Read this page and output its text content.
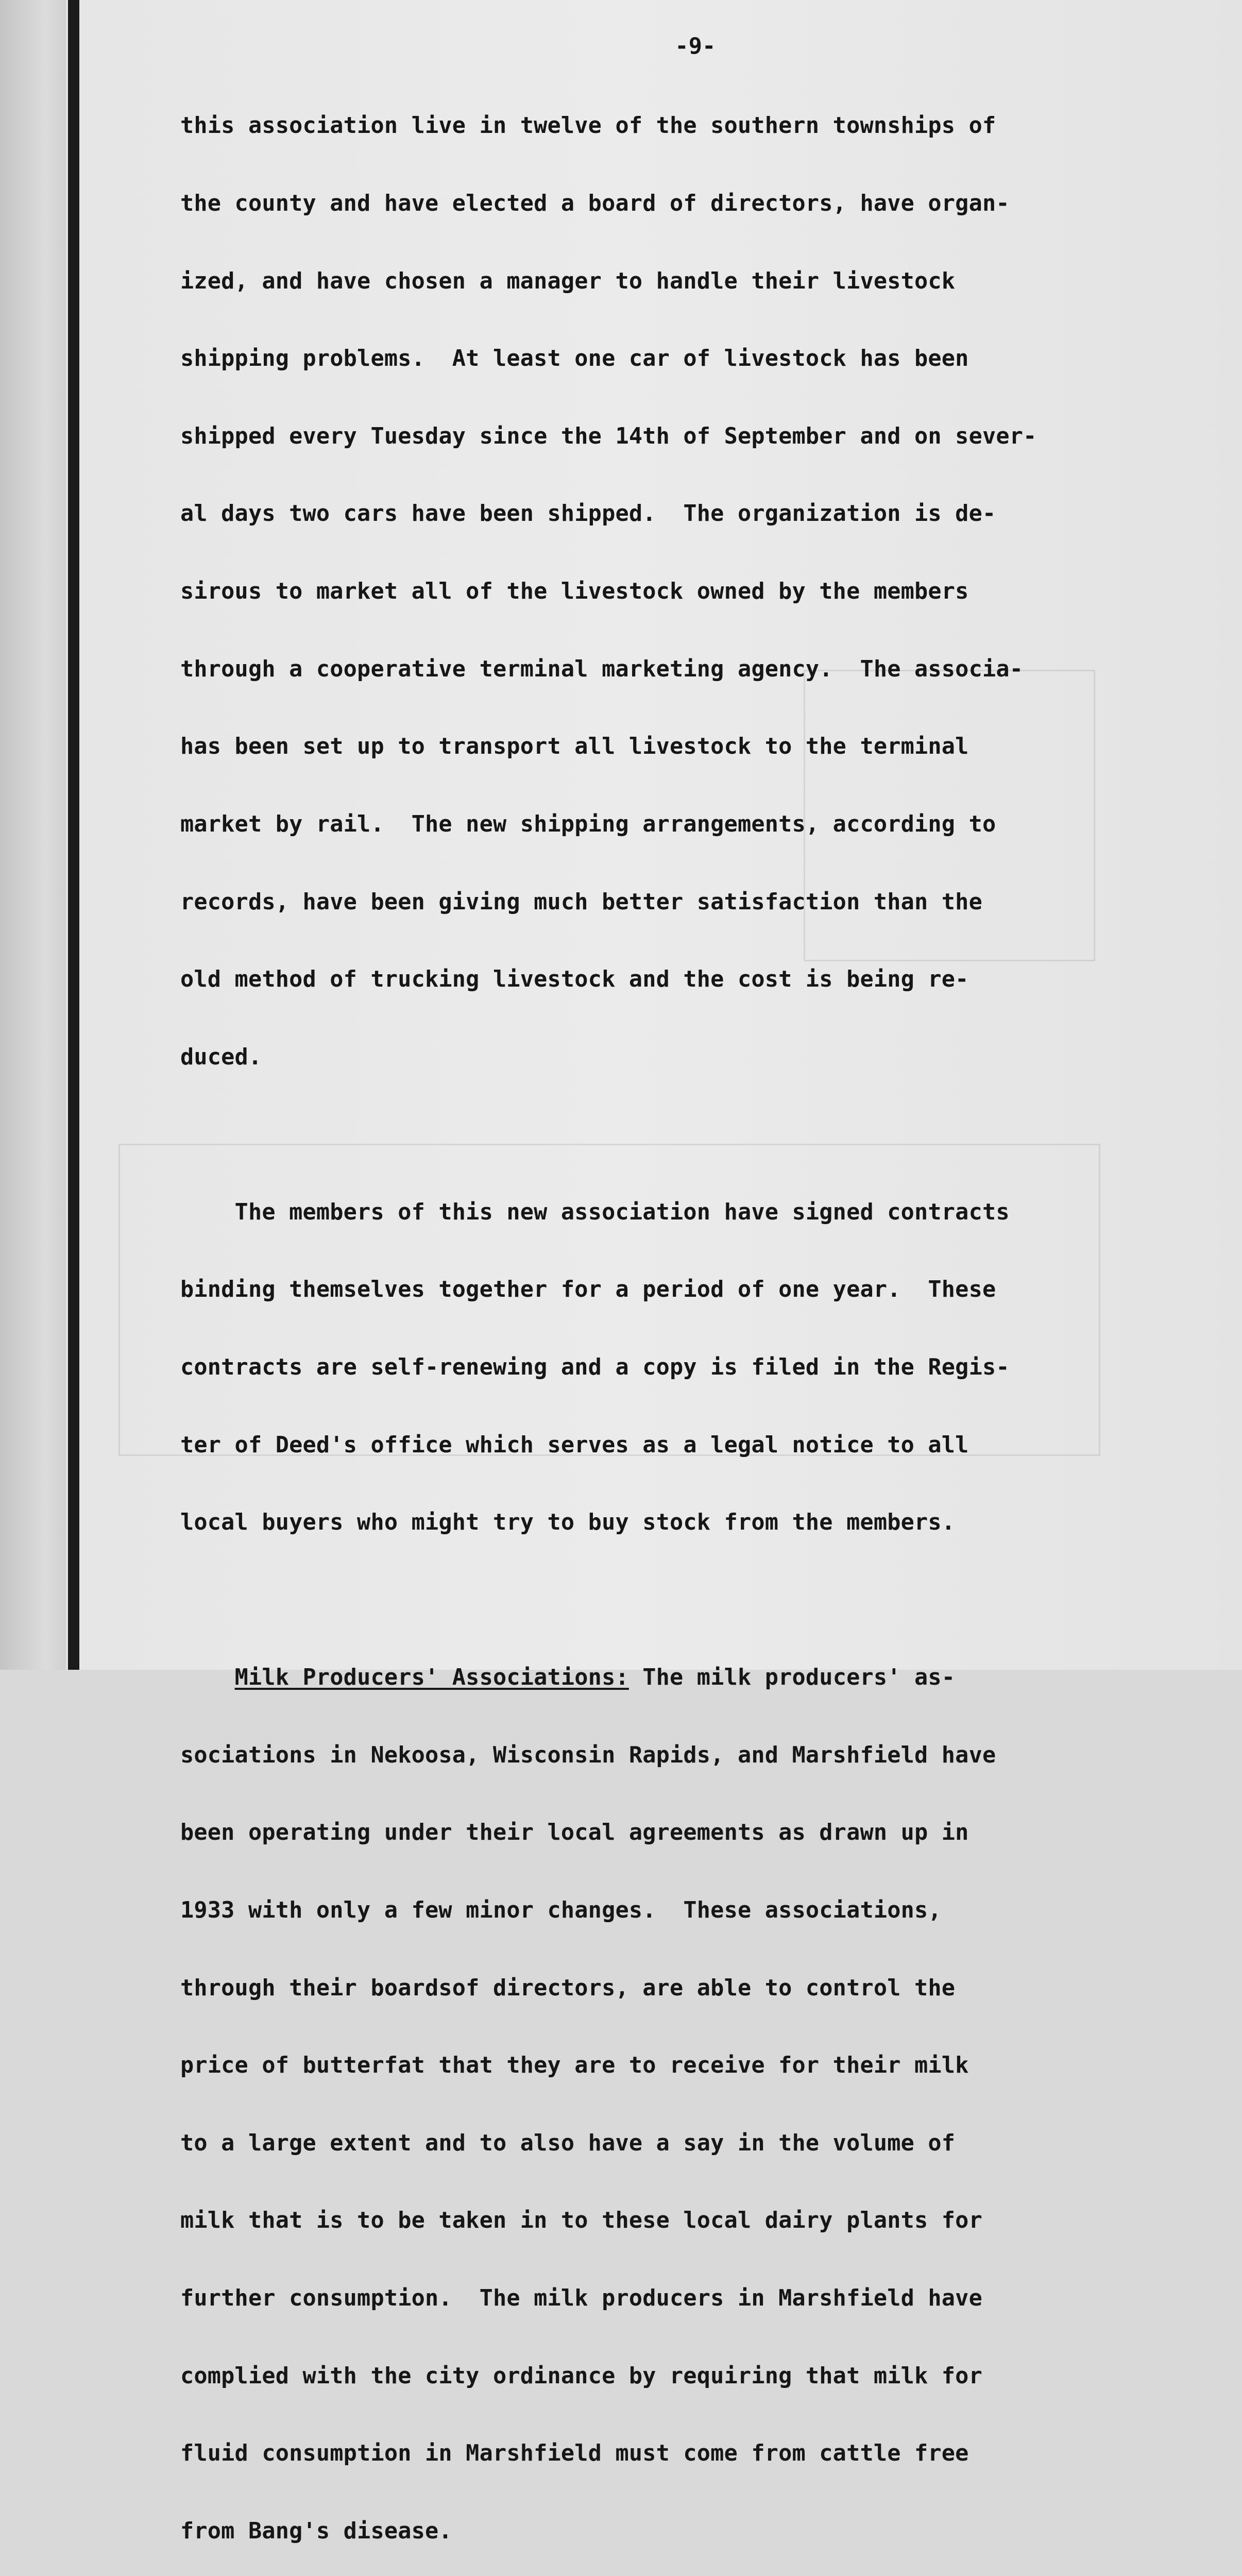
-9-

this association live in twelve of the southern townships of

the county and have elected a board of directors, have organ-

ized, and have chosen a manager to handle their livestock

shipping problems.  At least one car of livestock has been

shipped every Tuesday since the 14th of September and on sever-

al days two cars have been shipped.  The organization is de-

sirous to market all of the livestock owned by the members

through a cooperative terminal marketing agency.  The associa-

has been set up to transport all livestock to the terminal

market by rail.  The new shipping arrangements, according to

records, have been giving much better satisfaction than the

old method of trucking livestock and the cost is being re-

duced.

The members of this new association have signed contracts

binding themselves together for a period of one year.  These

contracts are self-renewing and a copy is filed in the Regis-

ter of Deed's office which serves as a legal notice to all

local buyers who might try to buy stock from the members.

Milk Producers' Associations: The milk producers' as-

sociations in Nekoosa, Wisconsin Rapids, and Marshfield have

been operating under their local agreements as drawn up in

1933 with only a few minor changes.  These associations,

through their boardsof directors, are able to control the

price of butterfat that they are to receive for their milk

to a large extent and to also have a say in the volume of

milk that is to be taken in to these local dairy plants for

further consumption.  The milk producers in Marshfield have

complied with the city ordinance by requiring that milk for

fluid consumption in Marshfield must come from cattle free

from Bang's disease.
